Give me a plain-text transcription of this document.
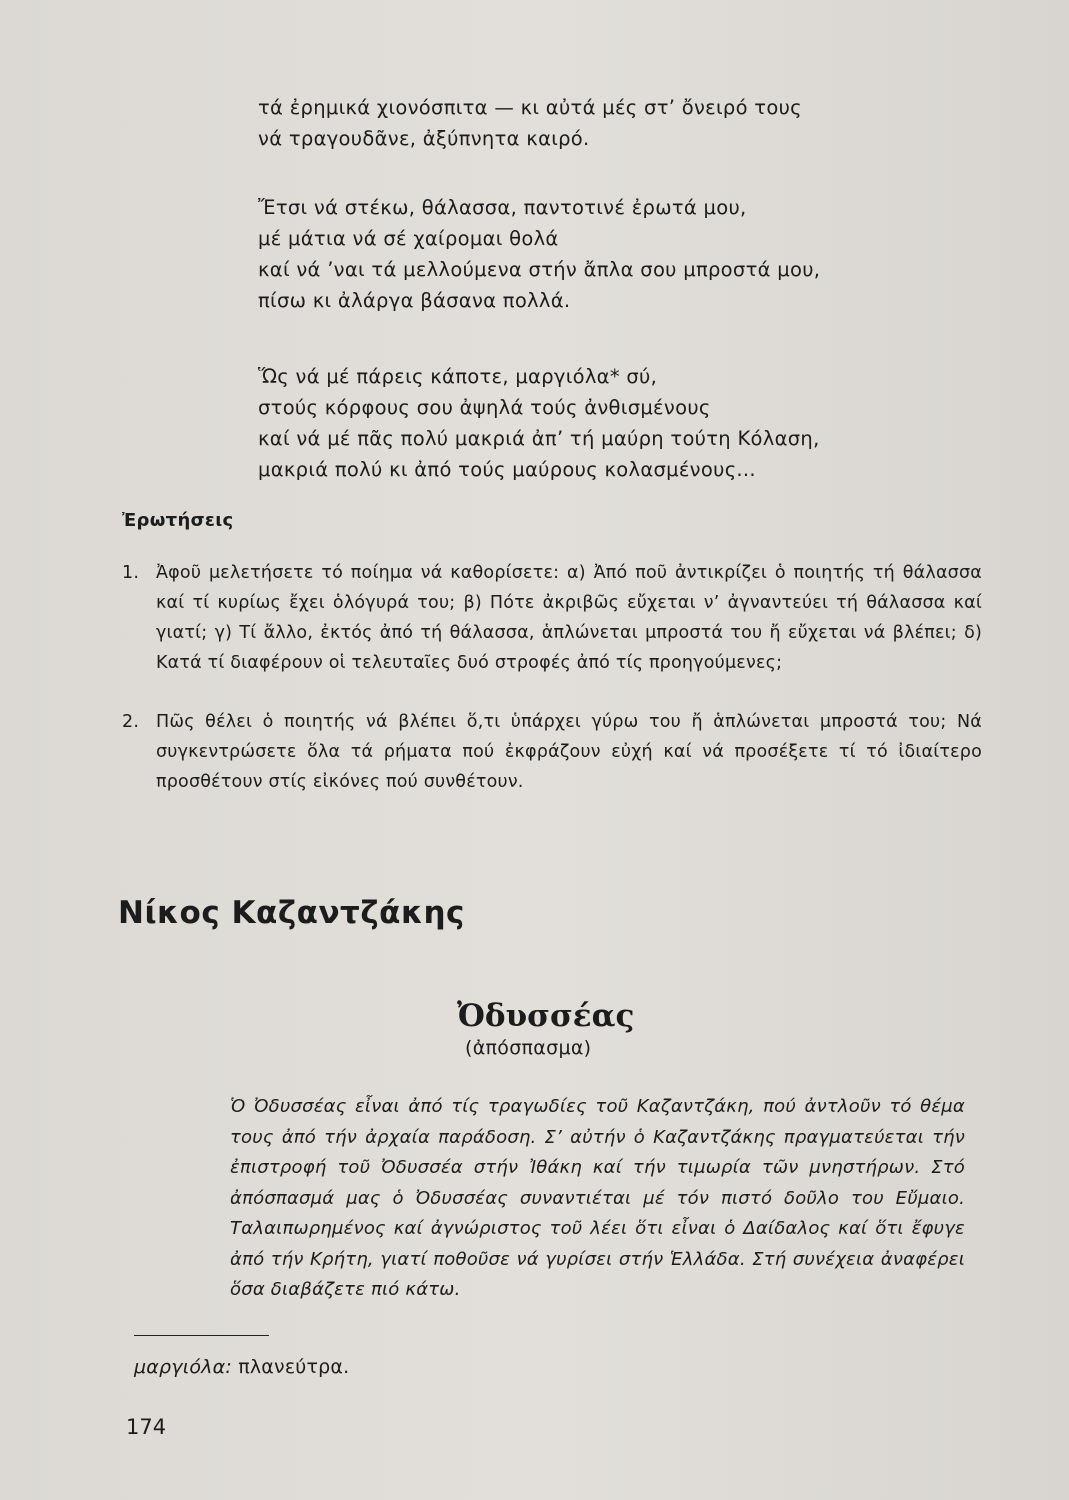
τά ἐρημικά χιονόσπιτα — κι αὐτά μές στ’ ὄνειρό τους
νά τραγουδᾶνε, ἀξύπνητα καιρό.
Ἔτσι νά στέκω, θάλασσα, παντοτινέ ἐρωτά μου,
μέ μάτια νά σέ χαίρομαι θολά
καί νά ’ναι τά μελλούμενα στήν ἄπλα σου μπροστά μου,
πίσω κι ἀλάργα βάσανα πολλά.
Ὥς νά μέ πάρεις κάποτε, μαργιόλα* σύ,
στούς κόρφους σου ἀψηλά τούς ἀνθισμένους
καί νά μέ πᾶς πολύ μακριά ἀπ’ τή μαύρη τούτη Κόλαση,
μακριά πολύ κι ἀπό τούς μαύρους κολασμένους...
Ἐρωτήσεις
1. Ἀφοῦ μελετήσετε τό ποίημα νά καθορίσετε: α) Ἀπό ποῦ ἀντικρίζει ὁ ποιητής τή θάλασσα καί τί κυρίως ἔχει ὁλόγυρά του; β) Πότε ἀκριβῶς εὔχεται ν’ ἀγναντεύει τή θάλασσα καί γιατί; γ) Τί ἄλλο, ἐκτός ἀπό τή θάλασσα, ἁπλώνεται μπροστά του ἤ εὔχεται νά βλέπει; δ) Κατά τί διαφέρουν οἱ τελευταῖες δυό στροφές ἀπό τίς προηγούμενες;
2. Πῶς θέλει ὁ ποιητής νά βλέπει ὅ,τι ὑπάρχει γύρω του ἤ ἁπλώνεται μπροστά του; Νά συγκεντρώσετε ὅλα τά ρήματα πού ἐκφράζουν εὐχή καί νά προσέξετε τί τό ἰδιαίτερο προσθέτουν στίς εἰκόνες πού συνθέτουν.
Νίκος Καζαντζάκης
Ὀδυσσέας
(ἀπόσπασμα)
Ὁ Ὀδυσσέας εἶναι ἀπό τίς τραγωδίες τοῦ Καζαντζάκη, πού ἀντλοῦν τό θέμα τους ἀπό τήν ἀρχαία παράδοση. Σ’ αὐτήν ὁ Καζαντζάκης πραγματεύεται τήν ἐπιστροφή τοῦ Ὀδυσσέα στήν Ἰθάκη καί τήν τιμωρία τῶν μνηστήρων. Στό ἀπόσπασμά μας ὁ Ὀδυσσέας συναντιέται μέ τόν πιστό δοῦλο του Εὔμαιο. Ταλαιπωρημένος καί ἀγνώριστος τοῦ λέει ὅτι εἶναι ὁ Δαίδαλος καί ὅτι ἔφυγε ἀπό τήν Κρήτη, γιατί ποθοῦσε νά γυρίσει στήν Ἑλλάδα. Στή συνέχεια ἀναφέρει ὅσα διαβάζετε πιό κάτω.
μαργιόλα: πλανεύτρα.
174
